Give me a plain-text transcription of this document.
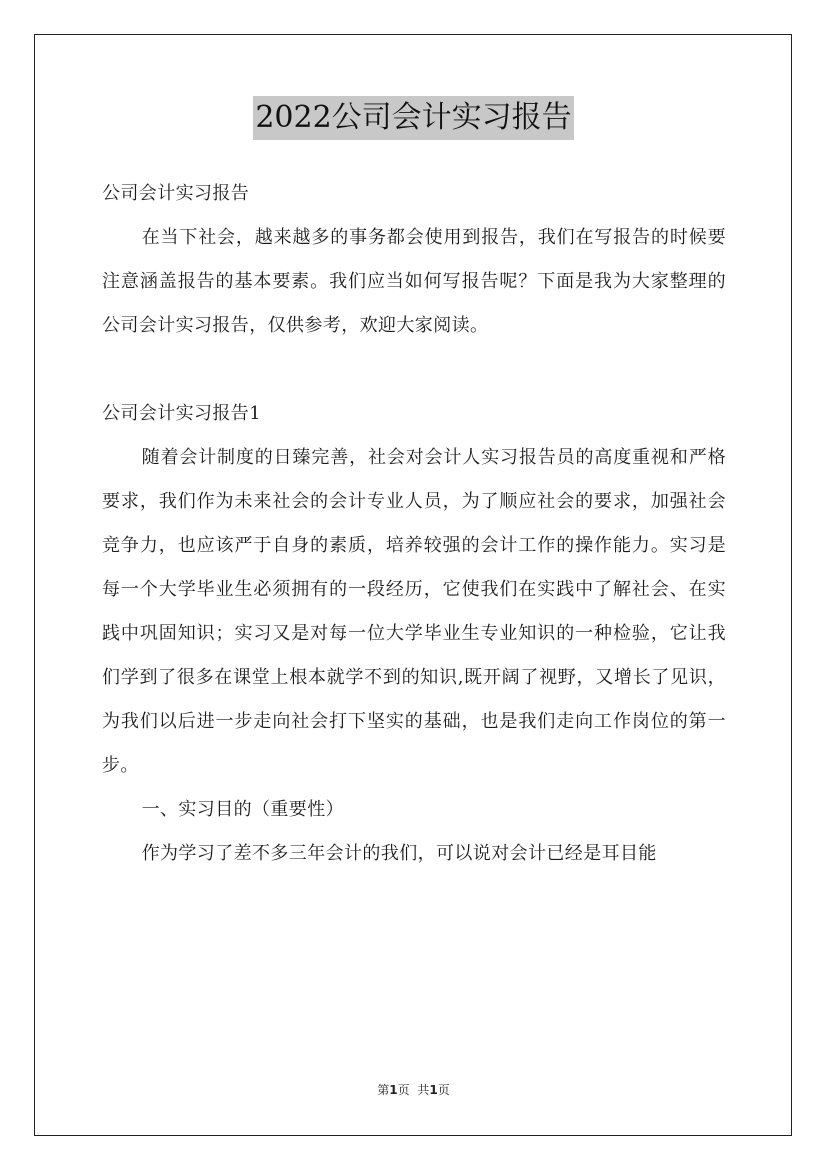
2022公司会计实习报告

公司会计实习报告

在当下社会，越来越多的事务都会使用到报告，我们在写报告的时候要注意涵盖报告的基本要素。我们应当如何写报告呢？下面是我为大家整理的公司会计实习报告，仅供参考，欢迎大家阅读。

公司会计实习报告1

随着会计制度的日臻完善，社会对会计人实习报告员的高度重视和严格要求，我们作为未来社会的会计专业人员，为了顺应社会的要求，加强社会竞争力，也应该严于自身的素质，培养较强的会计工作的操作能力。实习是每一个大学毕业生必须拥有的一段经历，它使我们在实践中了解社会、在实践中巩固知识；实习又是对每一位大学毕业生专业知识的一种检验，它让我们学到了很多在课堂上根本就学不到的知识,既开阔了视野，又增长了见识，为我们以后进一步走向社会打下坚实的基础，也是我们走向工作岗位的第一步。

一、实习目的（重要性）

作为学习了差不多三年会计的我们，可以说对会计已经是耳目能

第1页 共1页
